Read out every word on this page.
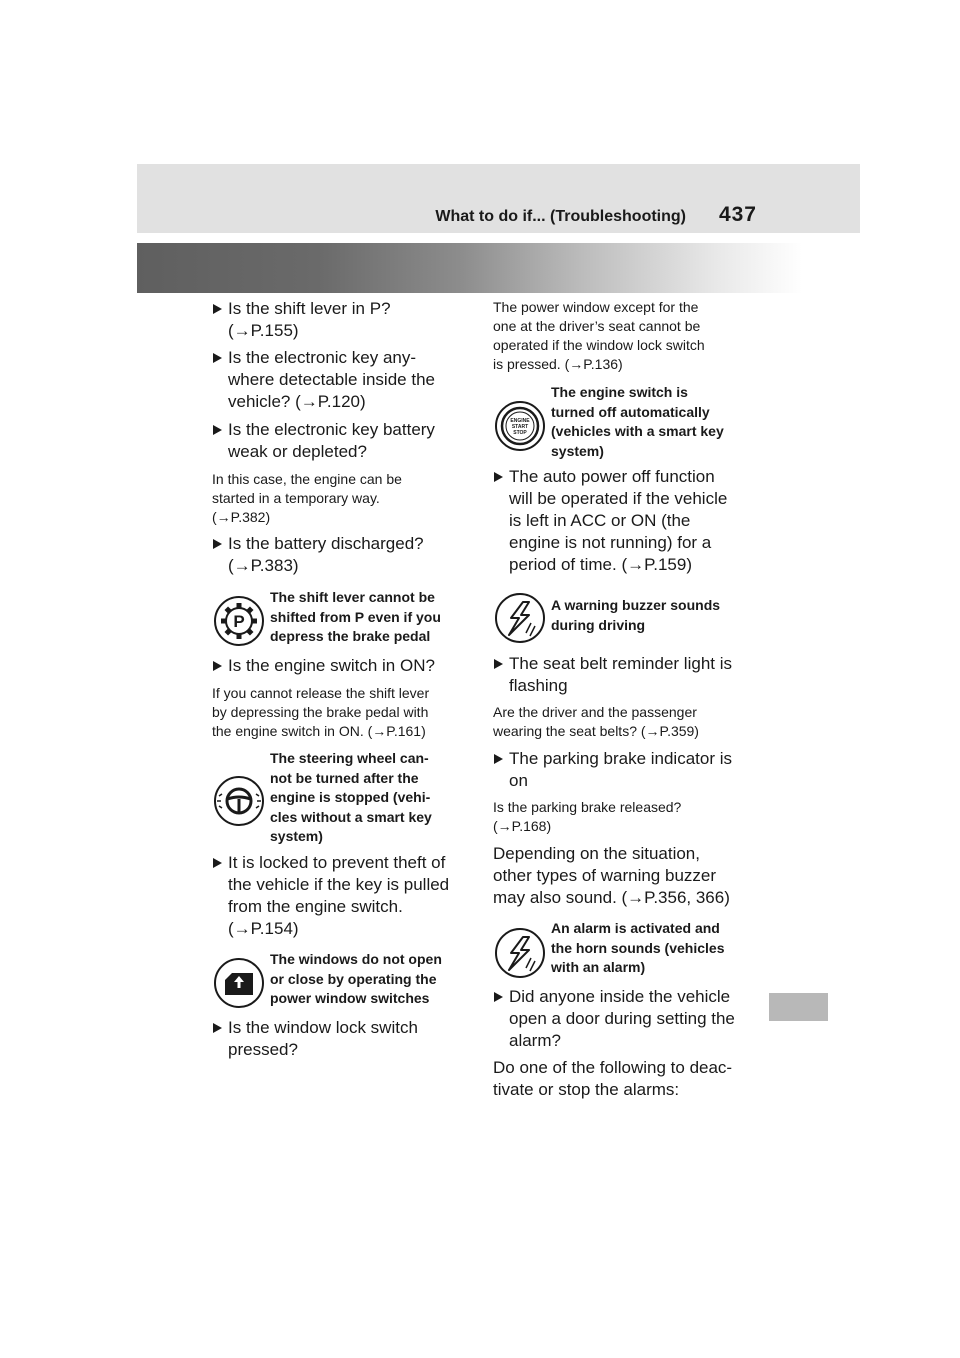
What to do if... (Troubleshooting) 437
Is the shift lever in P?
(→P.155)
Is the electronic key any-
where detectable inside the
vehicle? (→P.120)
Is the electronic key battery
weak or depleted?
In this case, the engine can be
started in a temporary way.
(→P.382)
Is the battery discharged?
(→P.383)
P
The shift lever cannot be
shifted from P even if you
depress the brake pedal
Is the engine switch in ON?
If you cannot release the shift lever
by depressing the brake pedal with
the engine switch in ON. (→P.161)
The steering wheel can-
not be turned after the
engine is stopped (vehi-
cles without a smart key
system)
It is locked to prevent theft of
the vehicle if the key is pulled
from the engine switch.
(→P.154)
The windows do not open
or close by operating the
power window switches
Is the window lock switch
pressed?
The power window except for the
one at the driver’s seat cannot be
operated if the window lock switch
is pressed. (→P.136)
ENGINE
START
STOP
The engine switch is
turned off automatically
(vehicles with a smart key
system)
The auto power off function
will be operated if the vehicle
is left in ACC or ON (the
engine is not running) for a
period of time. (→P.159)
A warning buzzer sounds
during driving
The seat belt reminder light is
flashing
Are the driver and the passenger
wearing the seat belts? (→P.359)
The parking brake indicator is
on
Is the parking brake released?
(→P.168)
Depending on the situation,
other types of warning buzzer
may also sound. (→P.356, 366)
An alarm is activated and
the horn sounds (vehicles
with an alarm)
Did anyone inside the vehicle
open a door during setting the
alarm?
Do one of the following to deac-
tivate or stop the alarms:
